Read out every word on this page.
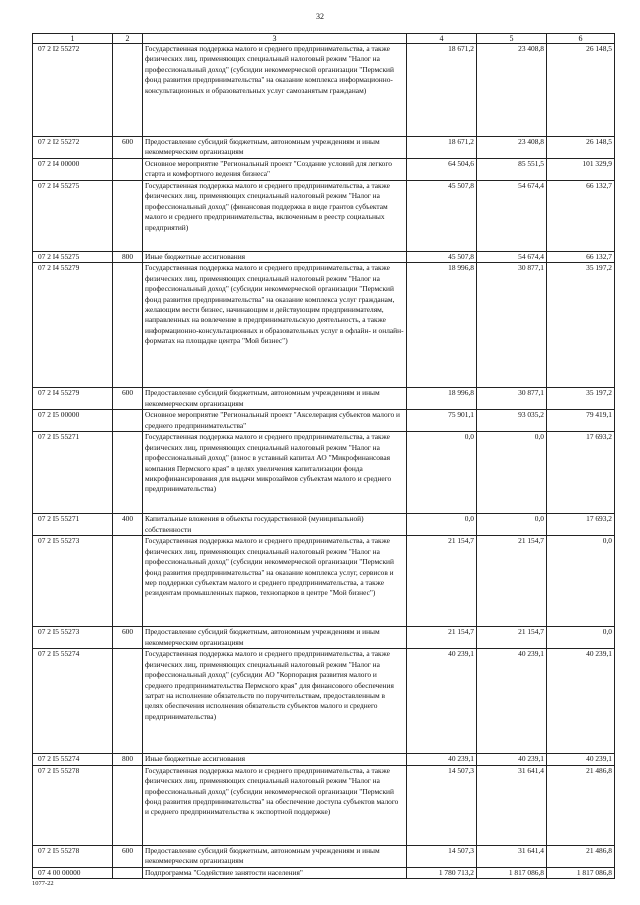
32
1	2	3	4	5	6
07 2 I2 55272		Государственная поддержка малого и среднего предпринимательства, а также физических лиц, применяющих специальный налоговый режим "Налог на профессиональный доход" (субсидии некоммерческой организации "Пермский фонд развития предпринимательства" на оказание комплекса информационно-консультационных и образовательных услуг самозанятым гражданам)	18 671,2	23 408,8	26 148,5
07 2 I2 55272	600	Предоставление субсидий бюджетным, автономным учреждениям и иным некоммерческим организациям	18 671,2	23 408,8	26 148,5
07 2 I4 00000		Основное мероприятие "Региональный проект "Создание условий для легкого старта и комфортного ведения бизнеса"	64 504,6	85 551,5	101 329,9
07 2 I4 55275		Государственная поддержка малого и среднего предпринимательства, а также физических лиц, применяющих специальный налоговый режим "Налог на профессиональный доход" (финансовая поддержка в виде грантов субъектам малого и среднего предпринимательства, включенным в реестр социальных предприятий)	45 507,8	54 674,4	66 132,7
07 2 I4 55275	800	Иные бюджетные ассигнования	45 507,8	54 674,4	66 132,7
07 2 I4 55279		Государственная поддержка малого и среднего предпринимательства, а также физических лиц, применяющих специальный налоговый режим "Налог на профессиональный доход" (субсидии некоммерческой организации "Пермский фонд развития предпринимательства" на оказание комплекса услуг гражданам, желающим вести бизнес, начинающим и действующим предпринимателям, направленных на вовлечение в предпринимательскую деятельность, а также информационно-консультационных и образовательных услуг в офлайн- и онлайн-форматах на площадке центра "Мой бизнес")	18 996,8	30 877,1	35 197,2
07 2 I4 55279	600	Предоставление субсидий бюджетным, автономным учреждениям и иным некоммерческим организациям	18 996,8	30 877,1	35 197,2
07 2 I5 00000		Основное мероприятие "Региональный проект "Акселерация субъектов малого и среднего предпринимательства"	75 901,1	93 035,2	79 419,1
07 2 I5 55271		Государственная поддержка малого и среднего предпринимательства, а также физических лиц, применяющих специальный налоговый режим "Налог на профессиональный доход" (взнос в уставный капитал АО "Микрофинансовая компания Пермского края" в целях увеличения капитализации фонда микрофинансирования для выдачи микрозаймов субъектам малого и среднего предпринимательства)	0,0	0,0	17 693,2
07 2 I5 55271	400	Капитальные вложения в объекты государственной (муниципальной) собственности	0,0	0,0	17 693,2
07 2 I5 55273		Государственная поддержка малого и среднего предпринимательства, а также физических лиц, применяющих специальный налоговый режим "Налог на профессиональный доход" (субсидии некоммерческой организации "Пермский фонд развития предпринимательства" на оказание комплекса услуг, сервисов и мер поддержки субъектам малого и среднего предпринимательства, а также резидентам промышленных парков, технопарков в центре "Мой бизнес")	21 154,7	21 154,7	0,0
07 2 I5 55273	600	Предоставление субсидий бюджетным, автономным учреждениям и иным некоммерческим организациям	21 154,7	21 154,7	0,0
07 2 I5 55274		Государственная поддержка малого и среднего предпринимательства, а также физических лиц, применяющих специальный налоговый режим "Налог на профессиональный доход" (субсидии АО "Корпорация развития малого и среднего предпринимательства Пермского края" для финансового обеспечения затрат на исполнение обязательств по поручительствам, предоставленным в целях обеспечения исполнения обязательств субъектов малого и среднего предпринимательства)	40 239,1	40 239,1	40 239,1
07 2 I5 55274	800	Иные бюджетные ассигнования	40 239,1	40 239,1	40 239,1
07 2 I5 55278		Государственная поддержка малого и среднего предпринимательства, а также физических лиц, применяющих специальный налоговый режим "Налог на профессиональный доход" (субсидии некоммерческой организации "Пермский фонд развития предпринимательства" на обеспечение доступа субъектов малого и среднего предпринимательства к экспортной поддержке)	14 507,3	31 641,4	21 486,8
07 2 I5 55278	600	Предоставление субсидий бюджетным, автономным учреждениям и иным некоммерческим организациям	14 507,3	31 641,4	21 486,8
07 4 00 00000		Подпрограмма "Содействие занятости населения"	1 780 713,2	1 817 086,8	1 817 086,8
1077-22
